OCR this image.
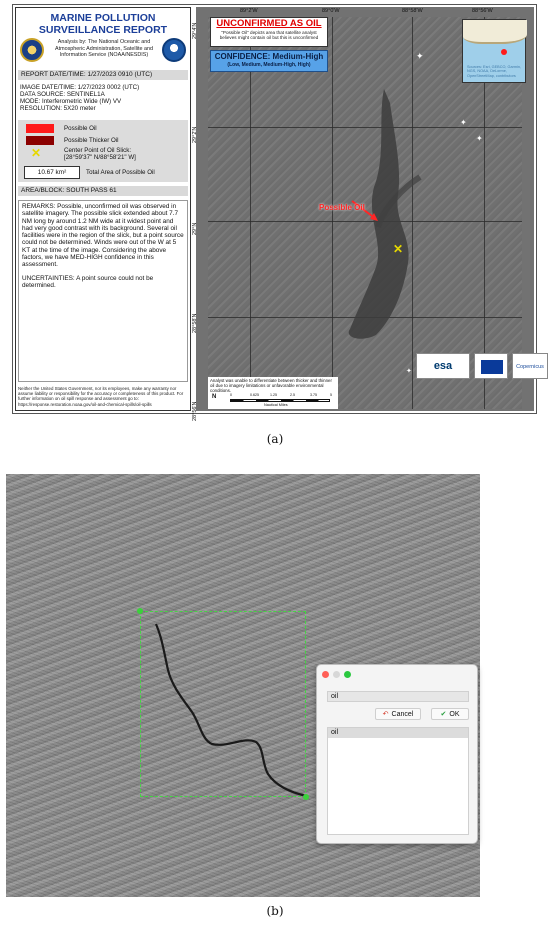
MARINE POLLUTION
SURVEILLANCE REPORT
Analysis by: The National Oceanic and Atmospheric Administration, Satellite and Information Service (NOAA/NESDIS)
REPORT DATE/TIME: 1/27/2023 0910 (UTC)
IMAGE DATE/TIME: 1/27/2023 0002 (UTC)
DATA SOURCE: SENTINEL1A
MODE: Interferometric Wide (IW) VV
RESOLUTION: 5X20 meter
Possible Oil
Possible Thicker Oil
✕	Center Point of Oil Slick:
[28°59'37" N/88°58'21" W]
10.67 km²	Total Area of Possible Oil
AREA/BLOCK: SOUTH PASS 61

REMARKS: Possible, unconfirmed oil was observed in satellite imagery. The possible slick extended about 7.7 NM long by around 1.2 NM wide at it widest point and had very good contrast with its background. Several oil facilities were in the region of the slick, but a point source could not be determined. Winds were out of the W at 5 KT at the time of the image. Considering the above factors, we have MED-HIGH confidence in this assessment.

UNCERTAINTIES: A point source could not be determined.

Neither the United States Government, nor its employees, make any warranty nor assume liability or responsibility for the accuracy or completeness of this product. For further information on oil spill response and assessment go to: https://response.restoration.noaa.gov/oil-and-chemical-spills/oil-spills
89°2'W	89°0'W	88°58'W	88°56'W
29°4'N
29°2'N
29°N
28°58'N
28°56'N
✦
✦
✦
✦
Possible Oil
✕
UNCONFIRMED AS OIL
"Possible Oil" depicts area that satellite analyst believes might contain oil but this is unconfirmed
CONFIDENCE: Medium-High
(Low, Medium, Medium-High, High)	Sources: Esri, GEBCO, Garmin, NGS, NOAA, DeLorme, OpenStreetMap, contributors
esa	Copernicus
Analyst was unable to differentiate between thicker and thinner oil due to imagery limitations or unfavorable environmental conditions.
N
Nautical Miles
0	0.625	1.25	2.5	3.75	5
(a)
oil
↶ Cancel	✔ OK
oil
(b)
